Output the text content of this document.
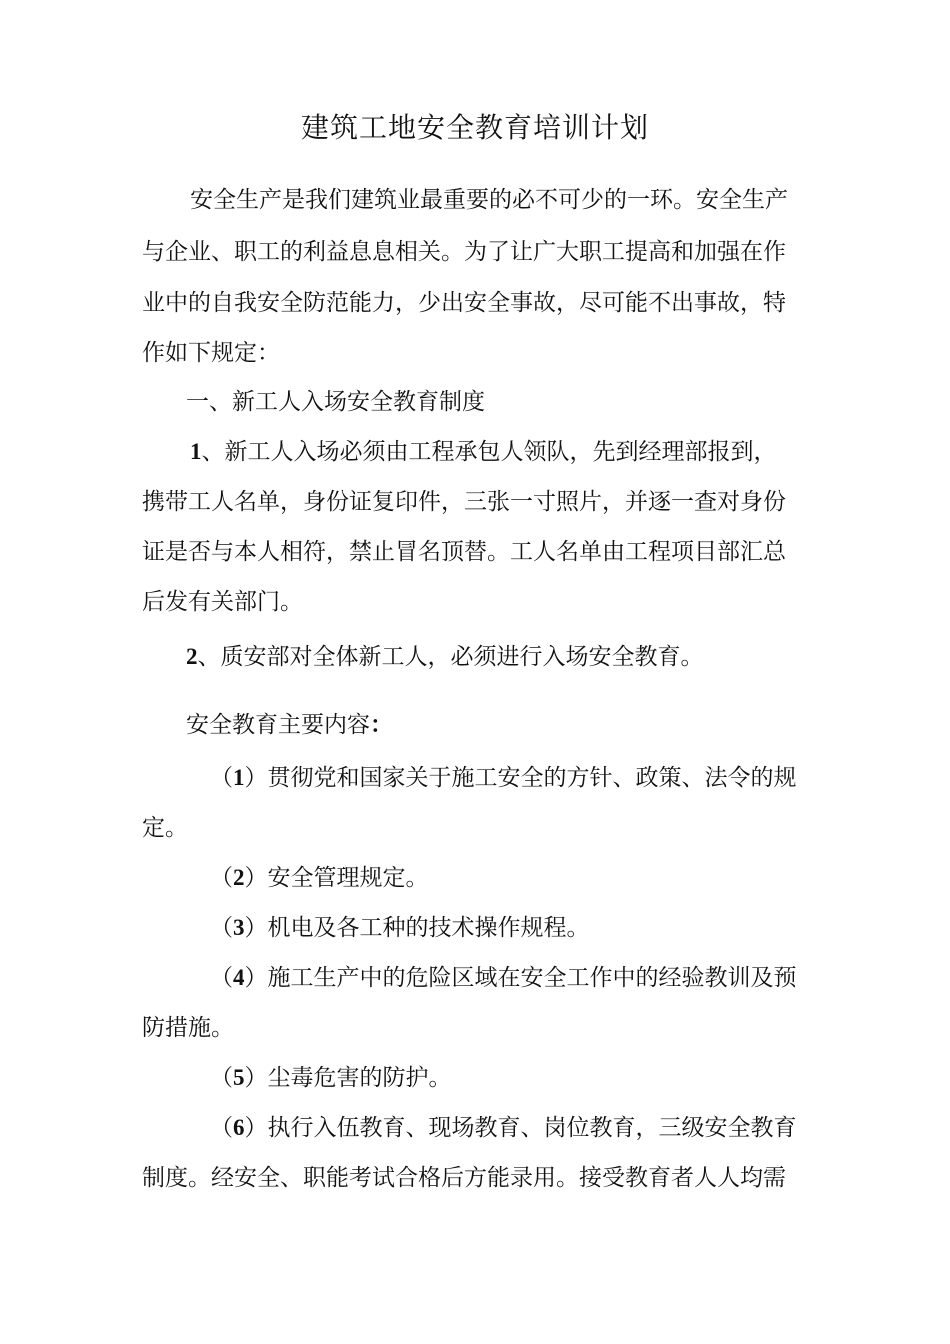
建筑工地安全教育培训计划
安全生产是我们建筑业最重要的必不可少的一环。安全生产
与企业、职工的利益息息相关。为了让广大职工提高和加强在作
业中的自我安全防范能力，少出安全事故，尽可能不出事故，特
作如下规定：
一、新工人入场安全教育制度
1、新工人入场必须由工程承包人领队，先到经理部报到，
携带工人名单，身份证复印件，三张一寸照片，并逐一查对身份
证是否与本人相符，禁止冒名顶替。工人名单由工程项目部汇总
后发有关部门。
2、质安部对全体新工人，必须进行入场安全教育。
安全教育主要内容：
（1）贯彻党和国家关于施工安全的方针、政策、法令的规
定。
（2）安全管理规定。
（3）机电及各工种的技术操作规程。
（4）施工生产中的危险区域在安全工作中的经验教训及预
防措施。
（5）尘毒危害的防护。
（6）执行入伍教育、现场教育、岗位教育，三级安全教育
制度。经安全、职能考试合格后方能录用。接受教育者人人均需
